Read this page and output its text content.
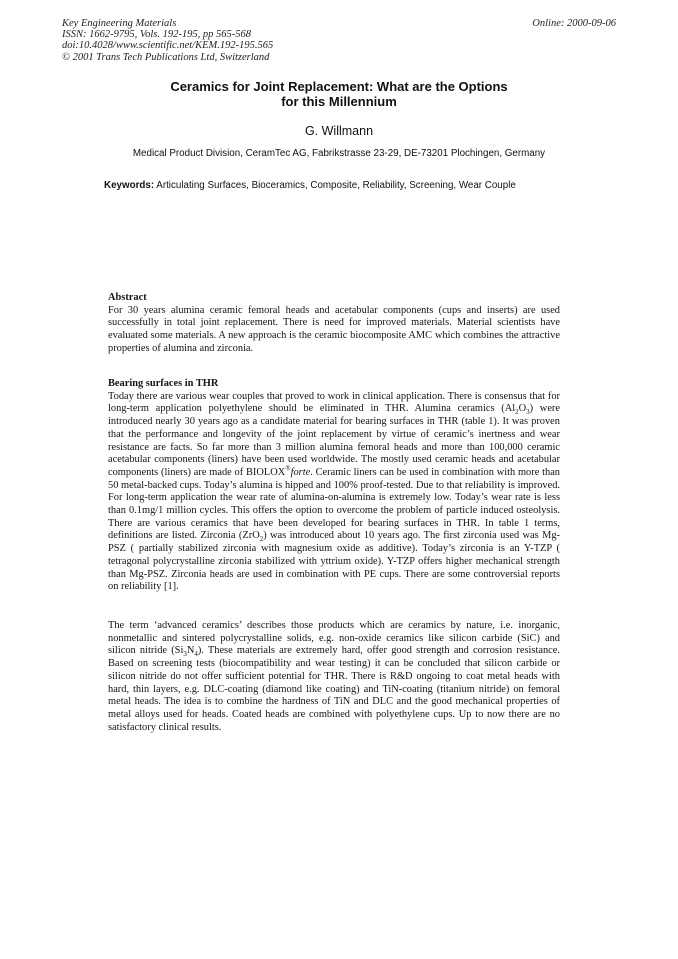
Key Engineering Materials
ISSN: 1662-9795, Vols. 192-195, pp 565-568
doi:10.4028/www.scientific.net/KEM.192-195.565
© 2001 Trans Tech Publications Ltd, Switzerland
Online: 2000-09-06
Ceramics for Joint Replacement: What are the Options
for this Millennium
G. Willmann
Medical Product Division, CeramTec AG, Fabrikstrasse 23-29, DE-73201 Plochingen, Germany
Keywords: Articulating Surfaces, Bioceramics, Composite, Reliability, Screening, Wear Couple
Abstract

For 30 years alumina ceramic femoral heads and acetabular components (cups and inserts) are used successfully in total joint replacement. There is need for improved materials. Material scientists have evaluated some materials. A new approach is the ceramic biocomposite AMC which combines the attractive properties of alumina and zirconia.

Bearing surfaces in THR

Today there are various wear couples that proved to work in clinical application. There is consensus that for long-term application polyethylene should be eliminated in THR. Alumina ceramics $(Al_2O_3)$ were introduced nearly 30 years ago as a candidate material for bearing surfaces in THR (table 1). It was proven that the performance and longevity of the joint replacement by virtue of ceramic’s inertness and wear resistance are facts. So far more than 3 million alumina femoral heads and more than 100,000 ceramic acetabular components (liners) have been used worldwide. The mostly used ceramic heads and acetabular components (liners) are made of BIOLOX®forte. Ceramic liners can be used in combination with more than 50 metal-backed cups. Today’s alumina is hipped and 100% proof-tested. Due to that reliability is improved. For long-term application the wear rate of alumina-on-alumina is extremely low. Today’s wear rate is less than 0.1mg/1 million cycles. This offers the option to overcome the problem of particle induced osteolysis. There are various ceramics that have been developed for bearing surfaces in THR. In table 1 terms, definitions are listed. Zirconia (ZrO$_2$) was introduced about 10 years ago. The first zirconia used was Mg-PSZ ( partially stabilized zirconia with magnesium oxide as additive). Today’s zirconia is an Y-TZP ( tetragonal polycrystalline zirconia stabilized with yttrium oxide). Y-TZP offers higher mechanical strength than Mg-PSZ. Zirconia heads are used in combination with PE cups. There are some controversial reports on reliability [1].

The term ‘advanced ceramics’ describes those products which are ceramics by nature, i.e. inorganic, nonmetallic and sintered polycrystalline solids, e.g. non-oxide ceramics like silicon carbide (SiC) and silicon nitride $(Si_3N_4)$. These materials are extremely hard, offer good strength and corrosion resistance. Based on screening tests (biocompatibility and wear testing) it can be concluded that silicon carbide or silicon nitride do not offer sufficient potential for THR. There is R&D ongoing to coat metal heads with hard, thin layers, e.g. DLC-coating (diamond like coating) and TiN-coating (titanium nitride) on femoral metal heads. The idea is to combine the hardness of TiN and DLC and the good mechanical properties of metal alloys used for heads. Coated heads are combined with polyethylene cups. Up to now there are no satisfactory clinical results.
